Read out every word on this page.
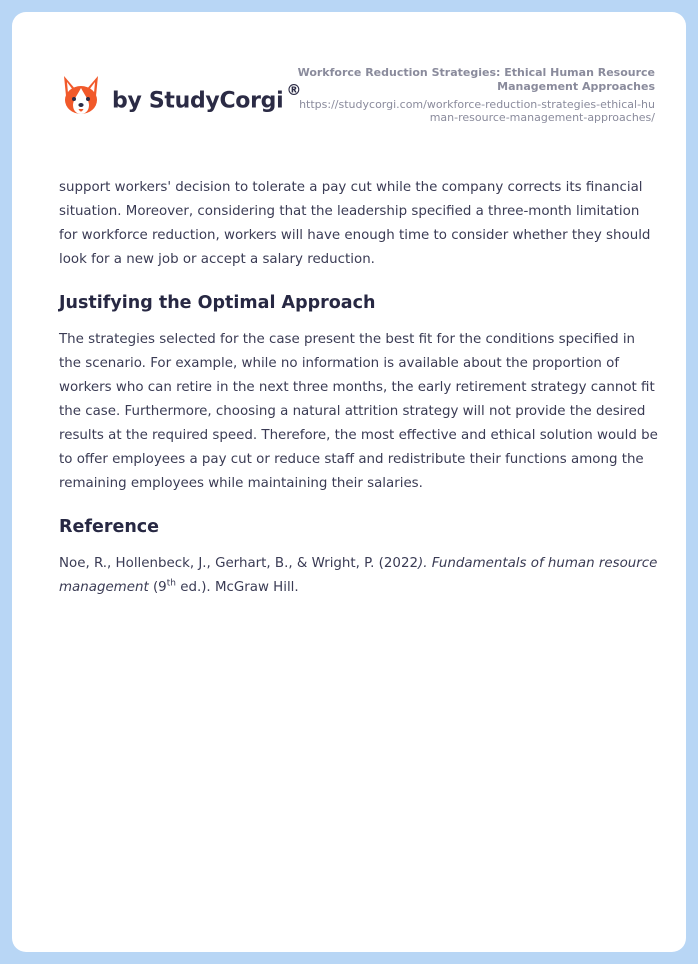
by StudyCorgi ®
Workforce Reduction Strategies: Ethical Human Resource Management Approaches
https://studycorgi.com/workforce-reduction-strategies-ethical-human-resource-management-approaches/

support workers' decision to tolerate a pay cut while the company corrects its financial situation. Moreover, considering that the leadership specified a three-month limitation for workforce reduction, workers will have enough time to consider whether they should look for a new job or accept a salary reduction.

Justifying the Optimal Approach

The strategies selected for the case present the best fit for the conditions specified in the scenario. For example, while no information is available about the proportion of workers who can retire in the next three months, the early retirement strategy cannot fit the case. Furthermore, choosing a natural attrition strategy will not provide the desired results at the required speed. Therefore, the most effective and ethical solution would be to offer employees a pay cut or reduce staff and redistribute their functions among the remaining employees while maintaining their salaries.

Reference

Noe, R., Hollenbeck, J., Gerhart, B., & Wright, P. (2022). Fundamentals of human resource management (9th ed.). McGraw Hill.
